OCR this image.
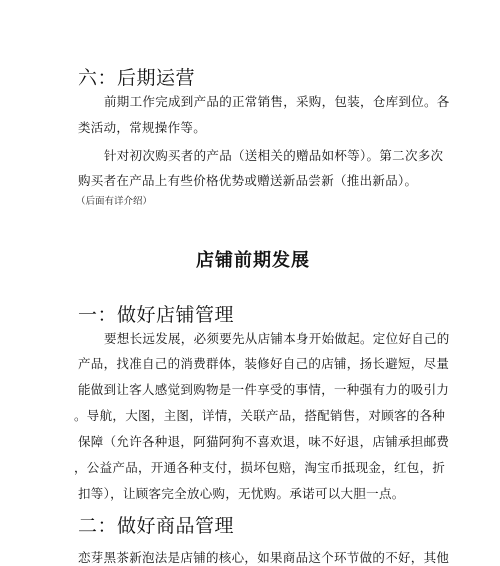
六：后期运营
前期工作完成到产品的正常销售，采购，包装，仓库到位。各
类活动，常规操作等。
针对初次购买者的产品（送相关的赠品如杯等）。第二次多次
购买者在产品上有些价格优势或赠送新品尝新（推出新品）。
（后面有详介绍）
店铺前期发展
一：做好店铺管理
要想长远发展，必须要先从店铺本身开始做起。定位好自己的
产品，找准自己的消费群体，装修好自己的店铺，扬长避短，尽量
能做到让客人感觉到购物是一件享受的事情，一种强有力的吸引力
。导航，大图，主图，详情，关联产品，搭配销售，对顾客的各种
保障（允许各种退，阿猫阿狗不喜欢退，味不好退，店铺承担邮费
，公益产品，开通各种支付，损坏包赔，淘宝币抵现金，红包，折
扣等），让顾客完全放心购，无忧购。承诺可以大胆一点。
二：做好商品管理
恋芽黑茶新泡法是店铺的核心，如果商品这个环节做的不好，其他
